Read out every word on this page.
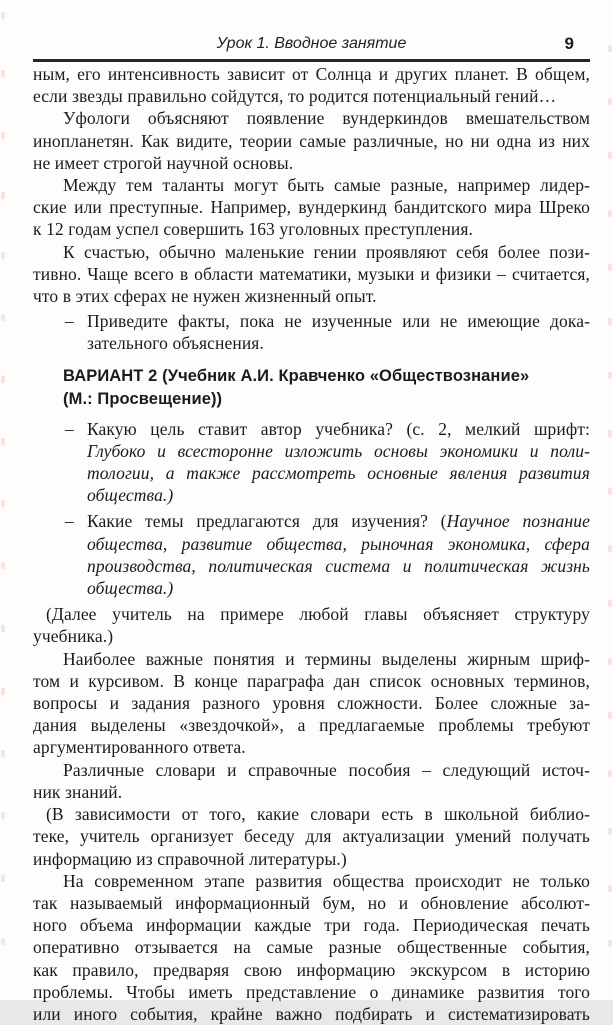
Урок 1. Вводное занятие	9
ным, его интенсивность зависит от Солнца и других планет. В общем,
если звезды правильно сойдутся, то родится потенциальный гений…
Уфологи объясняют появление вундеркиндов вмешательством
инопланетян. Как видите, теории самые различные, но ни одна из них
не имеет строгой научной основы.
Между тем таланты могут быть самые разные, например лидер-
ские или преступные. Например, вундеркинд бандитского мира Шреко
к 12 годам успел совершить 163 уголовных преступления.
К счастью, обычно маленькие гении проявляют себя более пози-
тивно. Чаще всего в области математики, музыки и физики – считается,
что в этих сферах не нужен жизненный опыт.
– Приведите факты, пока не изученные или не имеющие дока-
зательного объяснения.
ВАРИАНТ 2 (Учебник А.И. Кравченко «Обществознание»
(М.: Просвещение))
– Какую цель ставит автор учебника? (с. 2, мелкий шрифт:
Глубоко и всесторонне изложить основы экономики и поли-
тологии, а также рассмотреть основные явления развития
общества.)
– Какие темы предлагаются для изучения? (Научное познание
общества, развитие общества, рыночная экономика, сфера
производства, политическая система и политическая жизнь
общества.)
(Далее учитель на примере любой главы объясняет структуру
учебника.)
Наиболее важные понятия и термины выделены жирным шриф-
том и курсивом. В конце параграфа дан список основных терминов,
вопросы и задания разного уровня сложности. Более сложные за-
дания выделены «звездочкой», а предлагаемые проблемы требуют
аргументированного ответа.
Различные словари и справочные пособия – следующий источ-
ник знаний.
(В зависимости от того, какие словари есть в школьной библио-
теке, учитель организует беседу для актуализации умений получать
информацию из справочной литературы.)
На современном этапе развития общества происходит не только
так называемый информационный бум, но и обновление абсолют-
ного объема информации каждые три года. Периодическая печать
оперативно отзывается на самые разные общественные события,
как правило, предваряя свою информацию экскурсом в историю
проблемы. Чтобы иметь представление о динамике развития того
или иного события, крайне важно подбирать и систематизировать
